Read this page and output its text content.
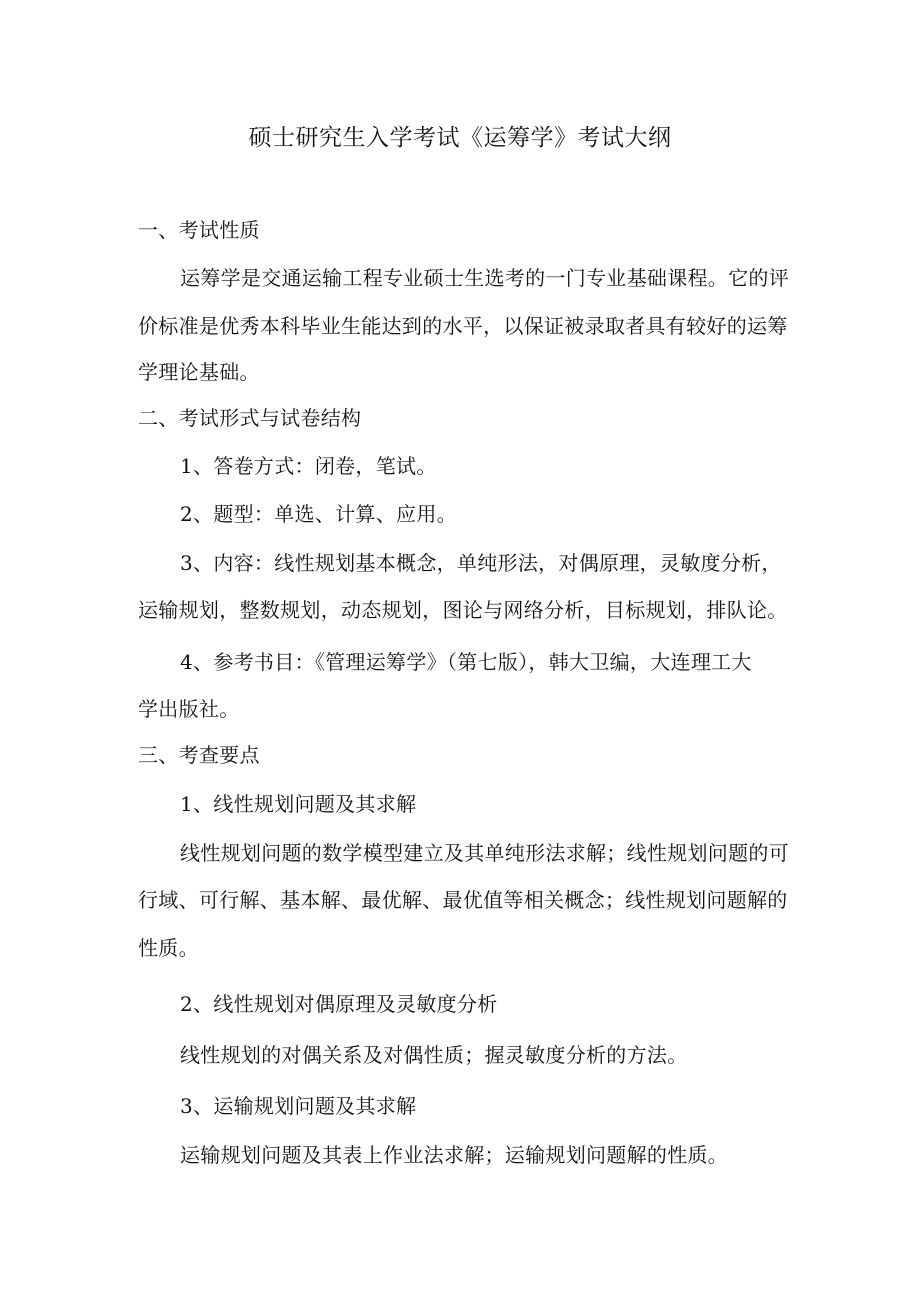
硕士研究生入学考试《运筹学》考试大纲
一、考试性质
运筹学是交通运输工程专业硕士生选考的一门专业基础课程。它的评
价标准是优秀本科毕业生能达到的水平，以保证被录取者具有较好的运筹
学理论基础。
二、考试形式与试卷结构
1、答卷方式：闭卷，笔试。
2、题型：单选、计算、应用。
3、内容：线性规划基本概念，单纯形法，对偶原理，灵敏度分析，
运输规划，整数规划，动态规划，图论与网络分析，目标规划，排队论。
4、参考书目：《管理运筹学》（第七版），韩大卫编，大连理工大
学出版社。
三、考查要点
1、线性规划问题及其求解
线性规划问题的数学模型建立及其单纯形法求解；线性规划问题的可
行域、可行解、基本解、最优解、最优值等相关概念；线性规划问题解的
性质。
2、线性规划对偶原理及灵敏度分析
线性规划的对偶关系及对偶性质；握灵敏度分析的方法。
3、运输规划问题及其求解
运输规划问题及其表上作业法求解；运输规划问题解的性质。
